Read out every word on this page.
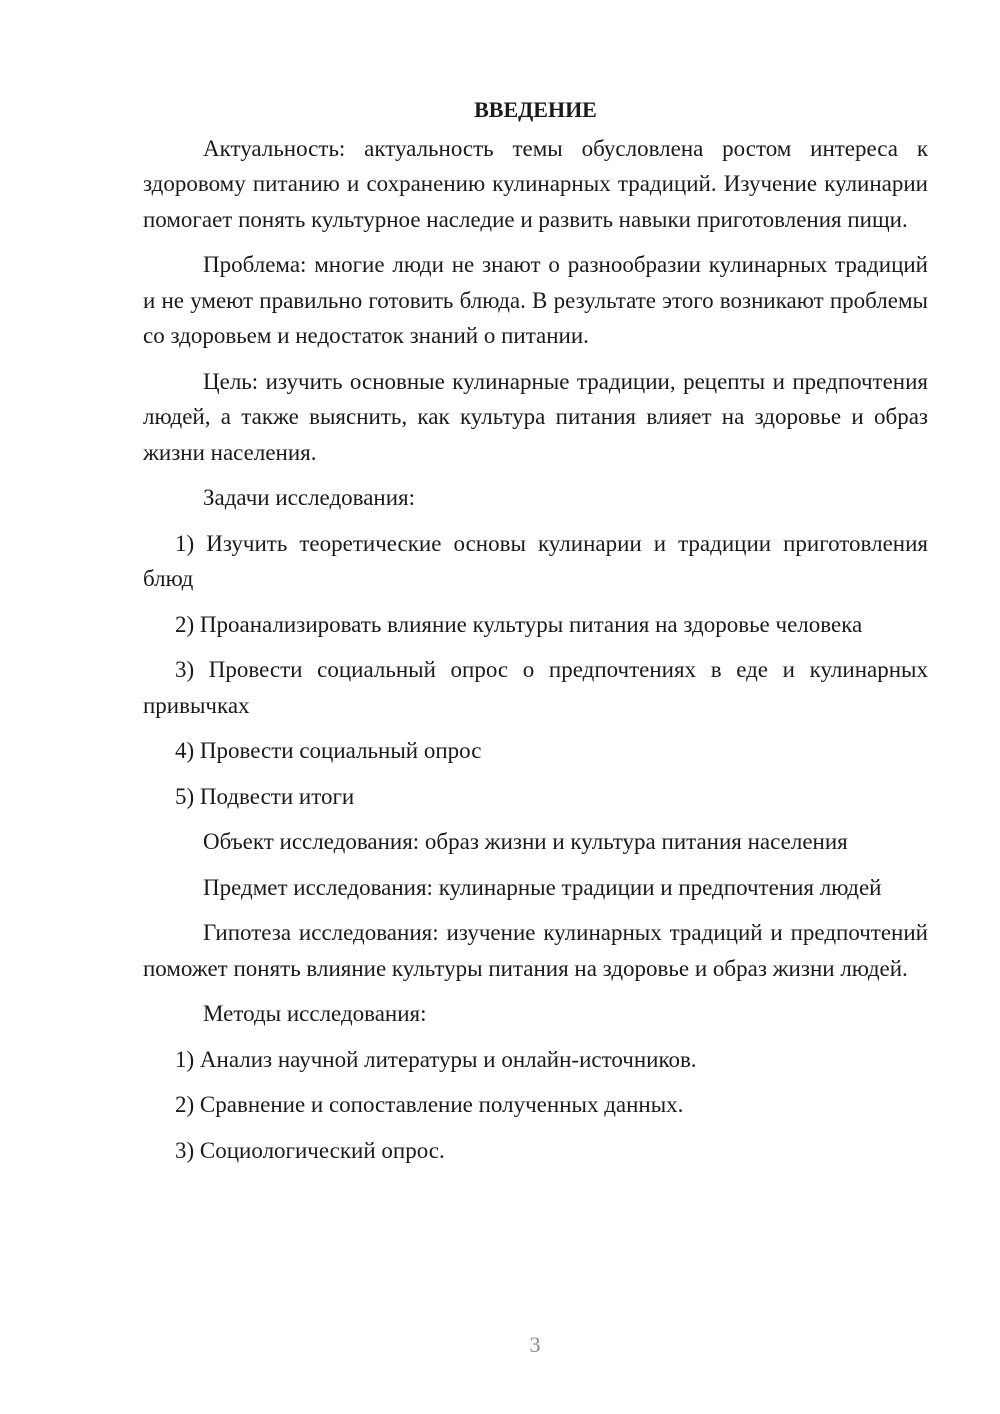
ВВЕДЕНИЕ

Актуальность: актуальность темы обусловлена ростом интереса к здоровому питанию и сохранению кулинарных традиций. Изучение кулинарии помогает понять культурное наследие и развить навыки приготовления пищи.

Проблема: многие люди не знают о разнообразии кулинарных традиций и не умеют правильно готовить блюда. В результате этого возникают проблемы со здоровьем и недостаток знаний о питании.

Цель: изучить основные кулинарные традиции, рецепты и предпочтения людей, а также выяснить, как культура питания влияет на здоровье и образ жизни населения.

Задачи исследования:

1) Изучить теоретические основы кулинарии и традиции приготовления блюд

2) Проанализировать влияние культуры питания на здоровье человека

3) Провести социальный опрос о предпочтениях в еде и кулинарных привычках

4) Провести социальный опрос

5) Подвести итоги

Объект исследования: образ жизни и культура питания населения

Предмет исследования: кулинарные традиции и предпочтения людей

Гипотеза исследования: изучение кулинарных традиций и предпочтений поможет понять влияние культуры питания на здоровье и образ жизни людей.

Методы исследования:

1) Анализ научной литературы и онлайн-источников.

2) Сравнение и сопоставление полученных данных.

3) Социологический опрос.

3
